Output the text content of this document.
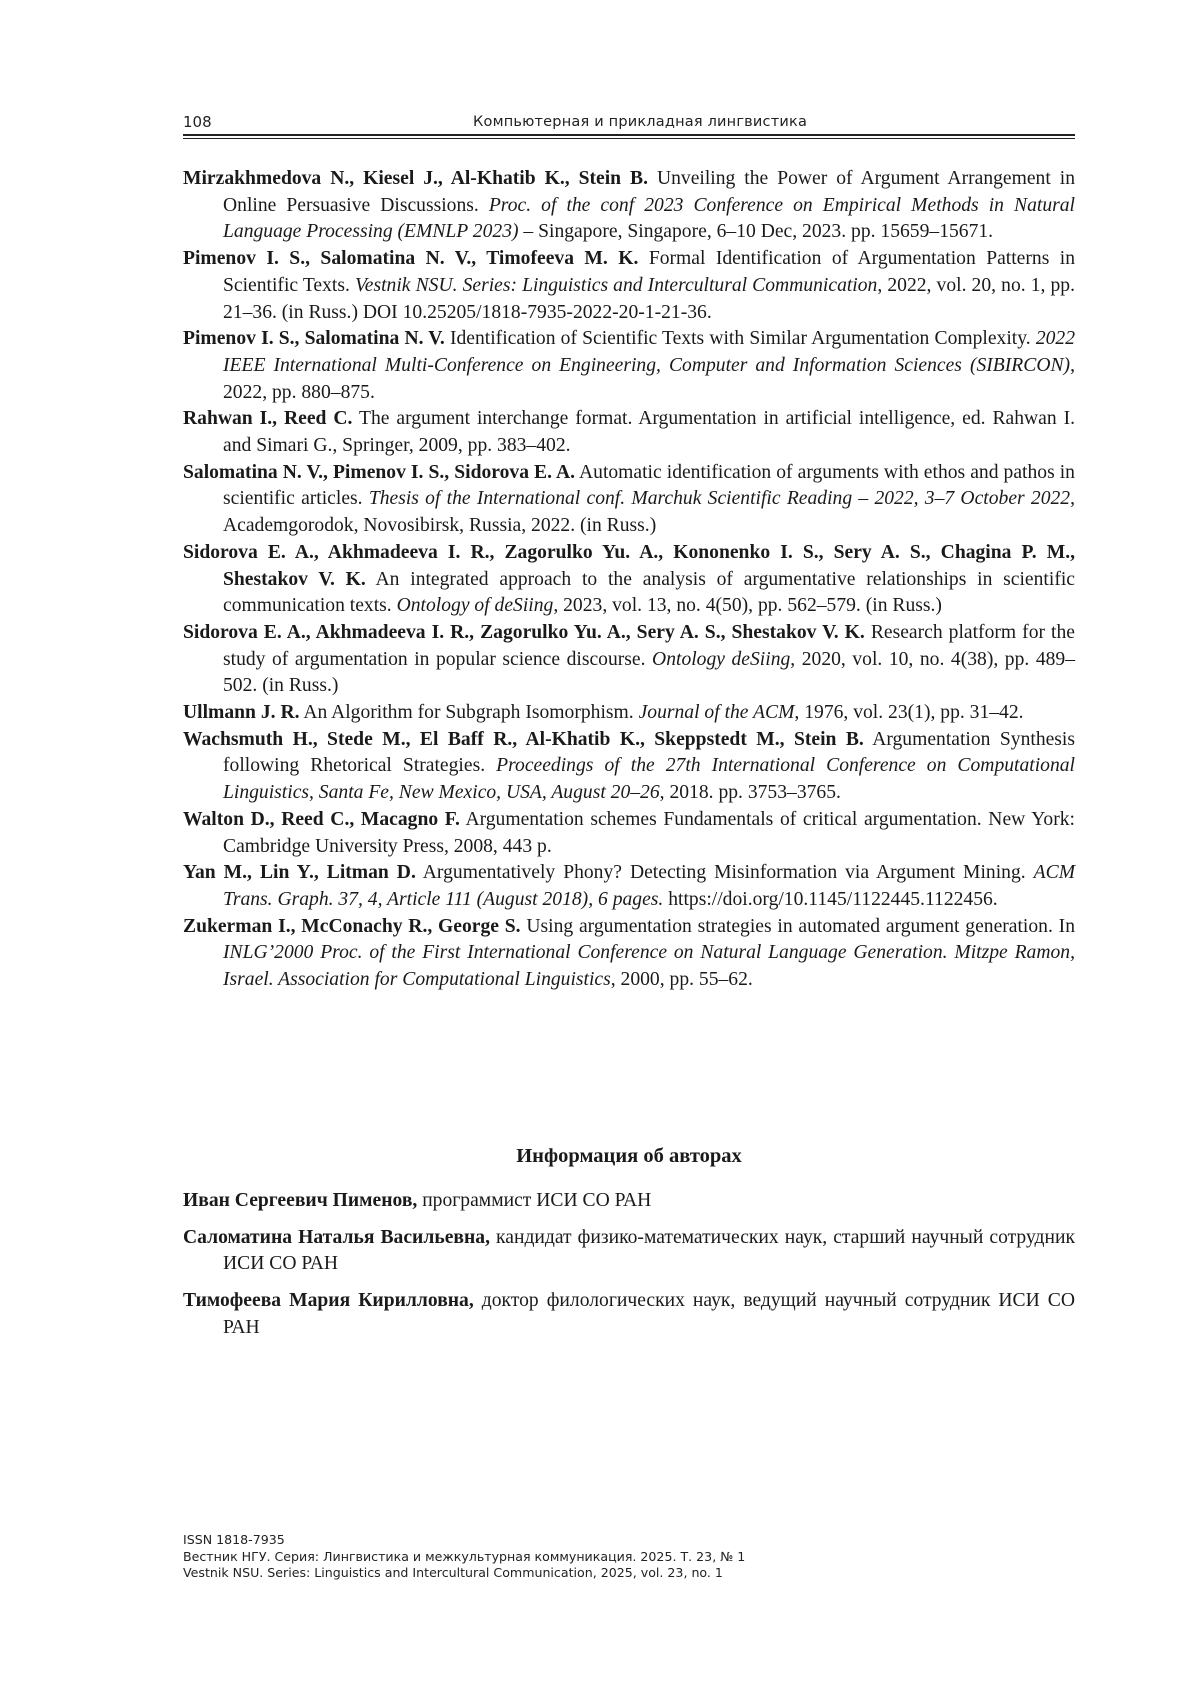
108	Компьютерная и прикладная лингвистика

Mirzakhmedova N., Kiesel J., Al-Khatib K., Stein B. Unveiling the Power of Argument Arrangement in Online Persuasive Discussions. Proc. of the conf 2023 Conference on Empirical Methods in Natural Language Processing (EMNLP 2023) – Singapore, Singapore, 6–10 Dec, 2023. pp. 15659–15671.

Pimenov I. S., Salomatina N. V., Timofeeva M. K. Formal Identification of Argumentation Patterns in Scientific Texts. Vestnik NSU. Series: Linguistics and Intercultural Communication, 2022, vol. 20, no. 1, pp. 21–36. (in Russ.) DOI 10.25205/1818-7935-2022-20-1-21-36.

Pimenov I. S., Salomatina N. V. Identification of Scientific Texts with Similar Argumentation Complexity. 2022 IEEE International Multi-Conference on Engineering, Computer and Information Sciences (SIBIRCON), 2022, pp. 880–875.

Rahwan I., Reed C. The argument interchange format. Argumentation in artificial intelligence, ed. Rahwan I. and Simari G., Springer, 2009, pp. 383–402.

Salomatina N. V., Pimenov I. S., Sidorova E. A. Automatic identification of arguments with ethos and pathos in scientific articles. Thesis of the International conf. Marchuk Scientific Reading – 2022, 3–7 October 2022, Academgorodok, Novosibirsk, Russia, 2022. (in Russ.)

Sidorova E. A., Akhmadeeva I. R., Zagorulko Yu. A., Kononenko I. S., Sery A. S., Chagina P. M., Shestakov V. K. An integrated approach to the analysis of argumentative relationships in scientific communication texts. Ontology of deSiing, 2023, vol. 13, no. 4(50), pp. 562–579. (in Russ.)

Sidorova E. A., Akhmadeeva I. R., Zagorulko Yu. A., Sery A. S., Shestakov V. K. Research platform for the study of argumentation in popular science discourse. Ontology deSiing, 2020, vol. 10, no. 4(38), pp. 489–502. (in Russ.)

Ullmann J. R. An Algorithm for Subgraph Isomorphism. Journal of the ACM, 1976, vol. 23(1), pp. 31–42.

Wachsmuth H., Stede M., El Baff R., Al-Khatib K., Skeppstedt M., Stein B. Argumentation Synthesis following Rhetorical Strategies. Proceedings of the 27th International Conference on Computational Linguistics, Santa Fe, New Mexico, USA, August 20–26, 2018. pp. 3753–3765.

Walton D., Reed C., Macagno F. Argumentation schemes Fundamentals of critical argumentation. New York: Cambridge University Press, 2008, 443 p.

Yan M., Lin Y., Litman D. Argumentatively Phony? Detecting Misinformation via Argument Mining. ACM Trans. Graph. 37, 4, Article 111 (August 2018), 6 pages. https://doi.org/10.1145/1122445.1122456.

Zukerman I., McConachy R., George S. Using argumentation strategies in automated argument generation. In INLG’2000 Proc. of the First International Conference on Natural Language Generation. Mitzpe Ramon, Israel. Association for Computational Linguistics, 2000, pp. 55–62.

Информация об авторах

Иван Сергеевич Пименов, программист ИСИ СО РАН

Саломатина Наталья Васильевна, кандидат физико-математических наук, старший научный сотрудник ИСИ СО РАН

Тимофеева Мария Кирилловна, доктор филологических наук, ведущий научный сотрудник ИСИ СО РАН

ISSN 1818-7935
Вестник НГУ. Серия: Лингвистика и межкультурная коммуникация. 2025. Т. 23, № 1
Vestnik NSU. Series: Linguistics and Intercultural Communication, 2025, vol. 23, no. 1
